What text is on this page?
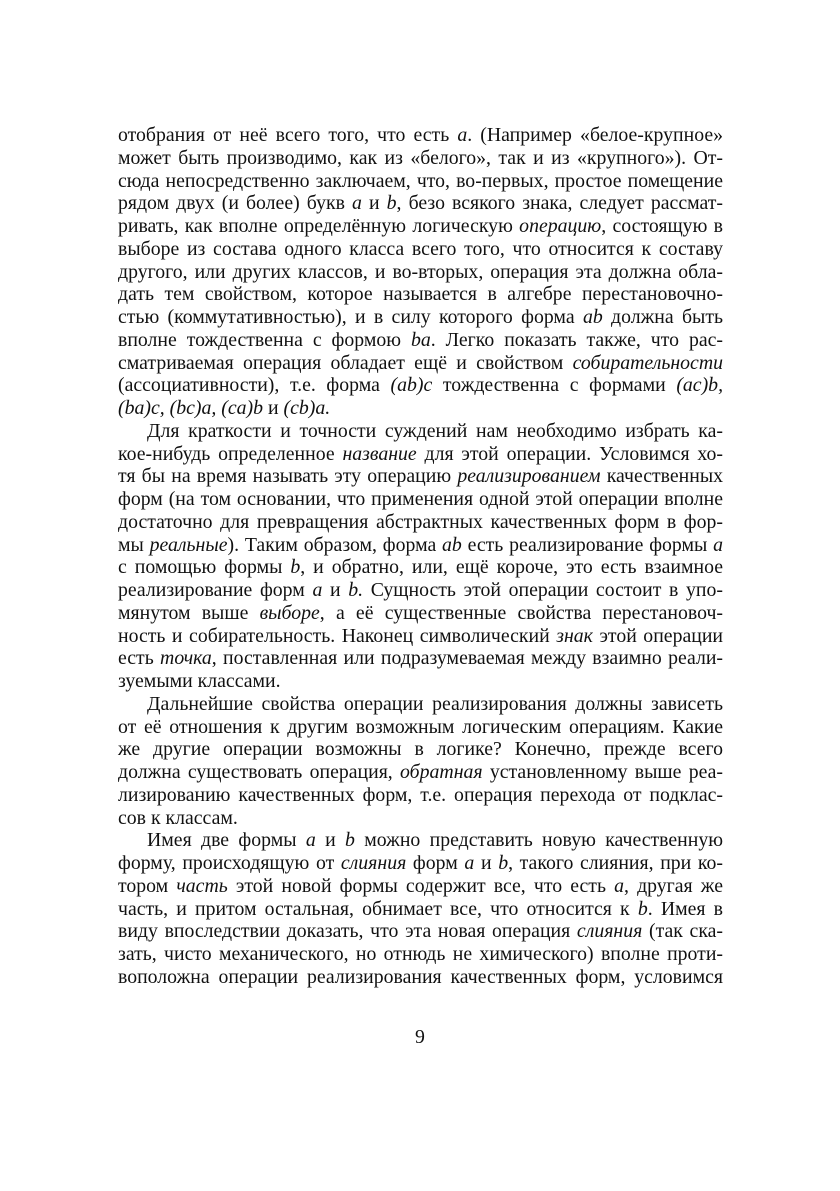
отобрания от неё всего того, что есть а. (Например «белое-крупное»
может быть производимо, как из «белого», так и из «крупного»). От-
сюда непосредственно заключаем, что, во-первых, простое помещение
рядом двух (и более) букв a и b, безо всякого знака, следует рассмат-
ривать, как вполне определённую логическую операцию, состоящую в
выборе из состава одного класса всего того, что относится к составу
другого, или других классов, и во-вторых, операция эта должна обла-
дать тем свойством, которое называется в алгебре перестановочно-
стью (коммутативностью), и в силу которого форма ab должна быть
вполне тождественна с формою ba. Легко показать также, что рас-
сматриваемая операция обладает ещё и свойством собирательности
(ассоциативности), т.е. форма (ab)c тождественна с формами (ac)b,
(ba)c, (bc)a, (ca)b и (cb)a.
Для краткости и точности суждений нам необходимо избрать ка-
кое-нибудь определенное название для этой операции. Условимся хо-
тя бы на время называть эту операцию реализированием качественных
форм (на том основании, что применения одной этой операции вполне
достаточно для превращения абстрактных качественных форм в фор-
мы реальные). Таким образом, форма ab есть реализирование формы a
с помощью формы b, и обратно, или, ещё короче, это есть взаимное
реализирование форм a и b. Сущность этой операции состоит в упо-
мянутом выше выборе, а её существенные свойства перестановоч-
ность и собирательность. Наконец символический знак этой операции
есть точка, поставленная или подразумеваемая между взаимно реали-
зуемыми классами.
Дальнейшие свойства операции реализирования должны зависеть
от её отношения к другим возможным логическим операциям. Какие
же другие операции возможны в логике? Конечно, прежде всего
должна существовать операция, обратная установленному выше реа-
лизированию качественных форм, т.е. операция перехода от подклас-
сов к классам.
Имея две формы a и b можно представить новую качественную
форму, происходящую от слияния форм a и b, такого слияния, при ко-
тором часть этой новой формы содержит все, что есть a, другая же
часть, и притом остальная, обнимает все, что относится к b. Имея в
виду впоследствии доказать, что эта новая операция слияния (так ска-
зать, чисто механического, но отнюдь не химического) вполне проти-
воположна операции реализирования качественных форм, условимся
9
